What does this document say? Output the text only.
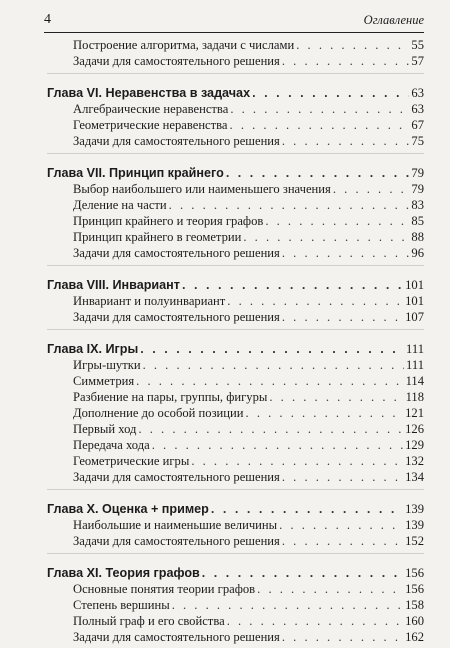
4	Оглавление
Построение алгоритма, задачи с числами . . .	55
Задачи для самостоятельного решения . . .	57
Глава VI. Неравенства в задачах . . .	63
Алгебраические неравенства . . .	63
Геометрические неравенства . . .	67
Задачи для самостоятельного решения . . .	75
Глава VII. Принцип крайнего . . .	79
Выбор наибольшего или наименьшего значения . . .	79
Деление на части . . .	83
Принцип крайнего и теория графов . . .	85
Принцип крайнего в геометрии . . .	88
Задачи для самостоятельного решения . . .	96
Глава VIII. Инвариант . . .	101
Инвариант и полуинвариант . . .	101
Задачи для самостоятельного решения . . .	107
Глава IX. Игры . . .	111
Игры-шутки . . .	111
Симметрия . . .	114
Разбиение на пары, группы, фигуры . . .	118
Дополнение до особой позиции . . .	121
Первый ход . . .	126
Передача хода . . .	129
Геометрические игры . . .	132
Задачи для самостоятельного решения . . .	134
Глава X. Оценка + пример . . .	139
Наибольшие и наименьшие величины . . .	139
Задачи для самостоятельного решения . . .	152
Глава XI. Теория графов . . .	156
Основные понятия теории графов . . .	156
Степень вершины . . .	158
Полный граф и его свойства . . .	160
Задачи для самостоятельного решения . . .	162
